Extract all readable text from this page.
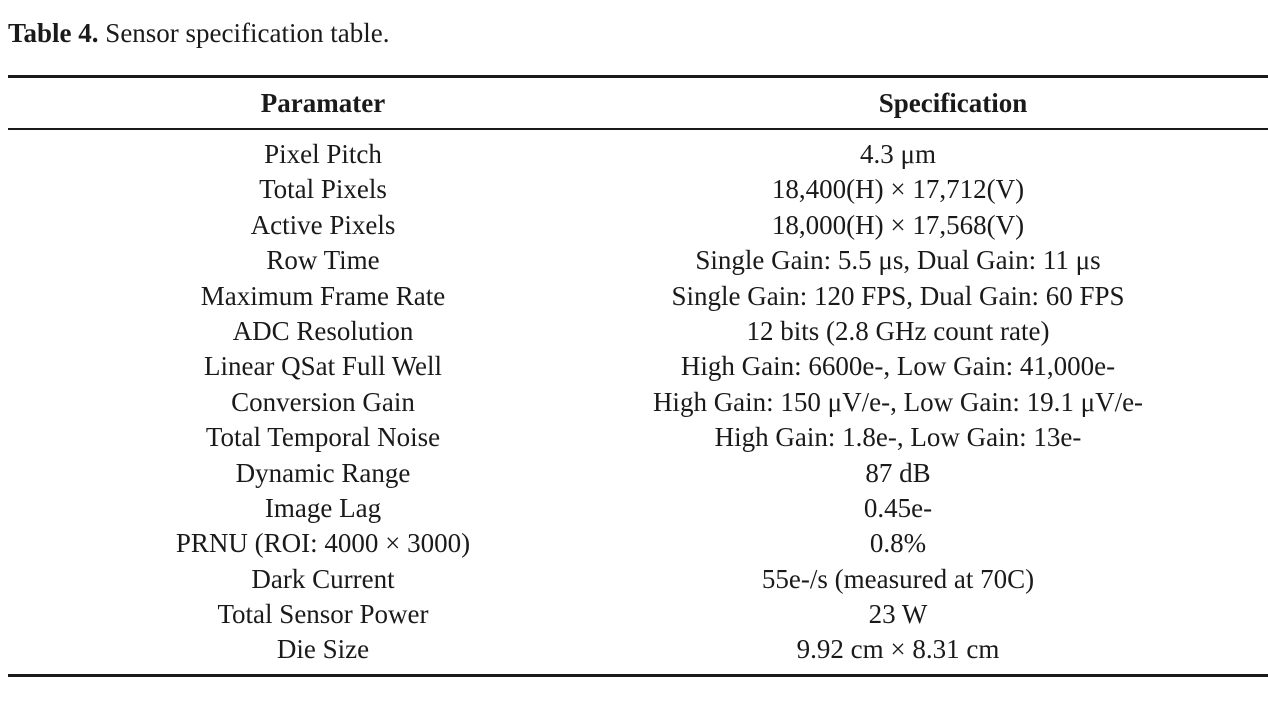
Table 4. Sensor specification table.
Paramater	Specification
Pixel Pitch	4.3 μm
Total Pixels	18,400(H) × 17,712(V)
Active Pixels	18,000(H) × 17,568(V)
Row Time	Single Gain: 5.5 μs, Dual Gain: 11 μs
Maximum Frame Rate	Single Gain: 120 FPS, Dual Gain: 60 FPS
ADC Resolution	12 bits (2.8 GHz count rate)
Linear QSat Full Well	High Gain: 6600e-, Low Gain: 41,000e-
Conversion Gain	High Gain: 150 μV/e-, Low Gain: 19.1 μV/e-
Total Temporal Noise	High Gain: 1.8e-, Low Gain: 13e-
Dynamic Range	87 dB
Image Lag	0.45e-
PRNU (ROI: 4000 × 3000)	0.8%
Dark Current	55e-/s (measured at 70C)
Total Sensor Power	23 W
Die Size	9.92 cm × 8.31 cm
